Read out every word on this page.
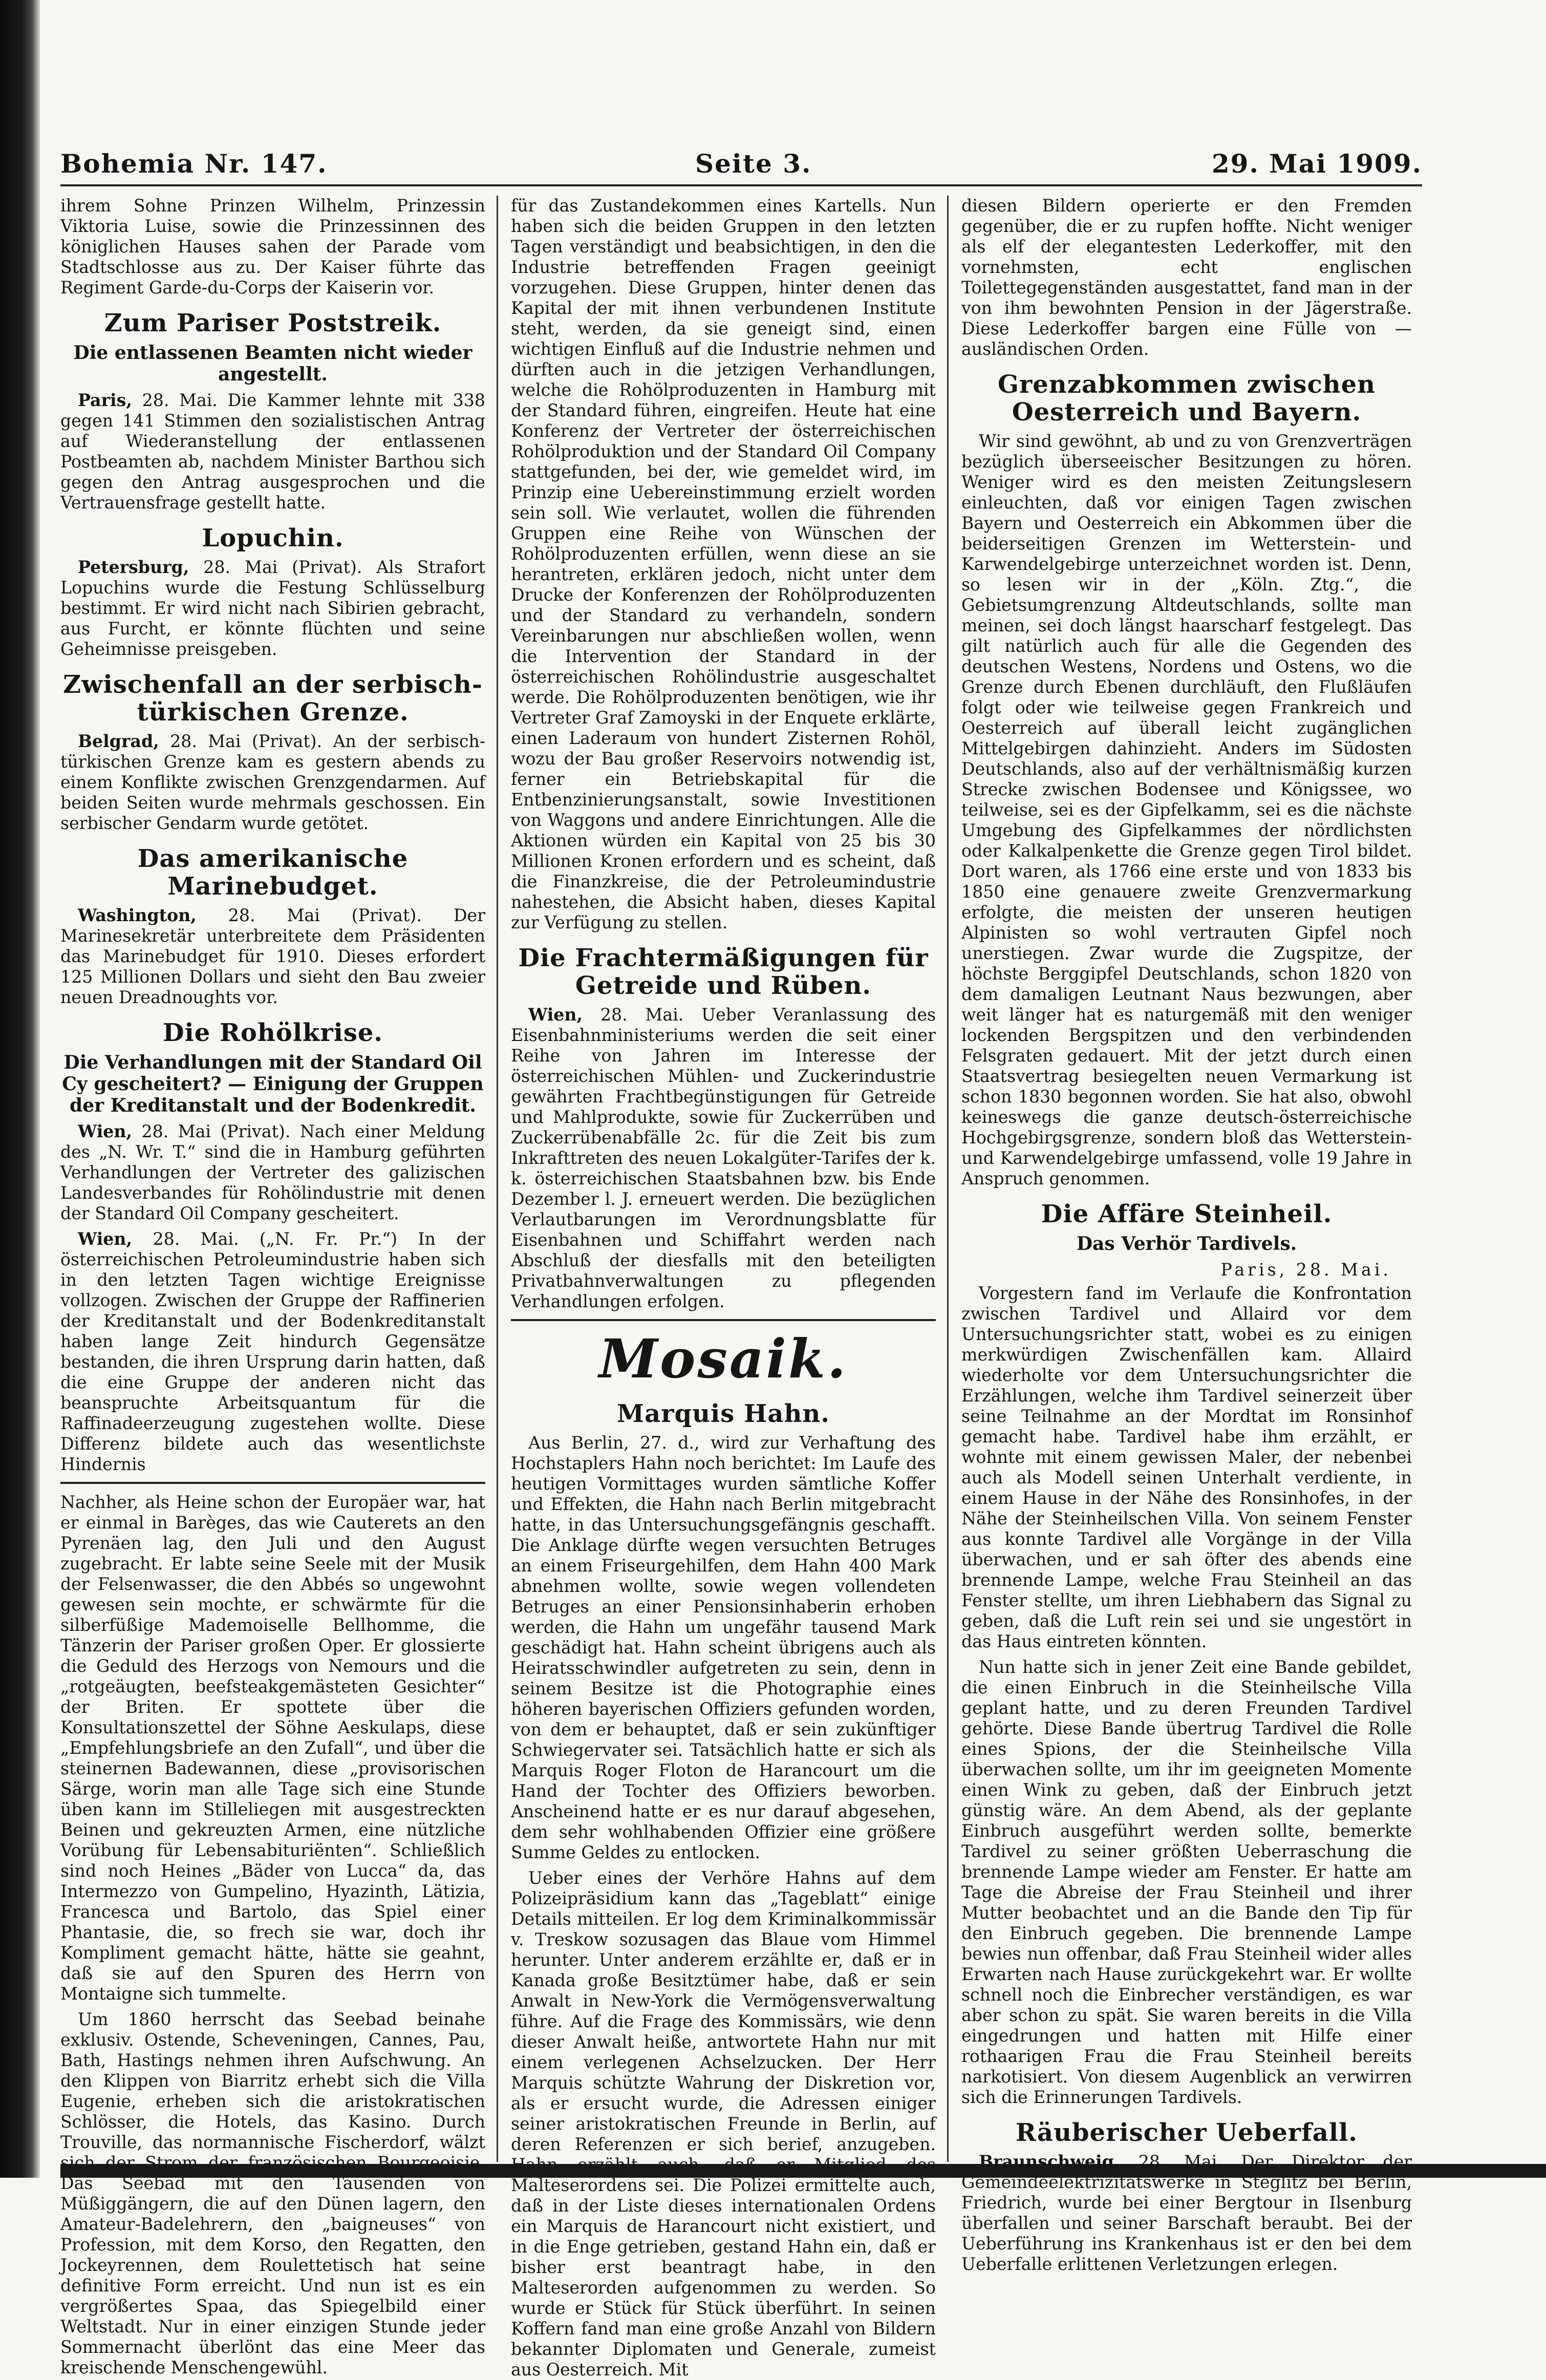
Bohemia Nr. 147.	Seite 3.	29. Mai 1909.

ihrem Sohne Prinzen Wilhelm, Prinzessin Viktoria Luise, sowie die Prinzessinnen des königlichen Hauses sahen der Parade vom Stadtschlosse aus zu. Der Kaiser führte das Regiment Garde-du-Corps der Kaiserin vor.

Zum Pariser Poststreik.
Die entlassenen Beamten nicht wieder angestellt.

Paris, 28. Mai. Die Kammer lehnte mit 338 gegen 141 Stimmen den sozialistischen Antrag auf Wiederanstellung der entlassenen Postbeamten ab, nachdem Minister Barthou sich gegen den Antrag ausgesprochen und die Vertrauensfrage gestellt hatte.

Lopuchin.

Petersburg, 28. Mai (Privat). Als Strafort Lopuchins wurde die Festung Schlüsselburg bestimmt. Er wird nicht nach Sibirien gebracht, aus Furcht, er könnte flüchten und seine Geheimnisse preisgeben.

Zwischenfall an der serbisch-türkischen Grenze.

Belgrad, 28. Mai (Privat). An der serbisch-türkischen Grenze kam es gestern abends zu einem Konflikte zwischen Grenzgendarmen. Auf beiden Seiten wurde mehrmals geschossen. Ein serbischer Gendarm wurde getötet.

Das amerikanische Marinebudget.

Washington, 28. Mai (Privat). Der Marinesekretär unterbreitete dem Präsidenten das Marinebudget für 1910. Dieses erfordert 125 Millionen Dollars und sieht den Bau zweier neuen Dreadnoughts vor.

Die Rohölkrise.
Die Verhandlungen mit der Standard Oil Cy gescheitert? — Einigung der Gruppen der Kreditanstalt und der Bodenkredit.

Wien, 28. Mai (Privat). Nach einer Meldung des „N. Wr. T.“ sind die in Hamburg geführten Verhandlungen der Vertreter des galizischen Landesverbandes für Rohölindustrie mit denen der Standard Oil Company gescheitert.

Wien, 28. Mai. („N. Fr. Pr.“) In der österreichischen Petroleumindustrie haben sich in den letzten Tagen wichtige Ereignisse vollzogen. Zwischen der Gruppe der Raffinerien der Kreditanstalt und der Bodenkreditanstalt haben lange Zeit hindurch Gegensätze bestanden, die ihren Ursprung darin hatten, daß die eine Gruppe der anderen nicht das beanspruchte Arbeitsquantum für die Raffinadeerzeugung zugestehen wollte. Diese Differenz bildete auch das wesentlichste Hindernis

Nachher, als Heine schon der Europäer war, hat er einmal in Barèges, das wie Cauterets an den Pyrenäen lag, den Juli und den August zugebracht. Er labte seine Seele mit der Musik der Felsenwasser, die den Abbés so ungewohnt gewesen sein mochte, er schwärmte für die silberfüßige Mademoiselle Bellhomme, die Tänzerin der Pariser großen Oper. Er glossierte die Geduld des Herzogs von Nemours und die „rotgeäugten, beefsteakgemästeten Gesichter“ der Briten. Er spottete über die Konsultationszettel der Söhne Aeskulaps, diese „Empfehlungsbriefe an den Zufall“, und über die steinernen Badewannen, diese „provisorischen Särge, worin man alle Tage sich eine Stunde üben kann im Stilleliegen mit ausgestreckten Beinen und gekreuzten Armen, eine nützliche Vorübung für Lebensabituriënten“. Schließlich sind noch Heines „Bäder von Lucca“ da, das Intermezzo von Gumpelino, Hyazinth, Lätizia, Francesca und Bartolo, das Spiel einer Phantasie, die, so frech sie war, doch ihr Kompliment gemacht hätte, hätte sie geahnt, daß sie auf den Spuren des Herrn von Montaigne sich tummelte.

Um 1860 herrscht das Seebad beinahe exklusiv. Ostende, Scheveningen, Cannes, Pau, Bath, Hastings nehmen ihren Aufschwung. An den Klippen von Biarritz erhebt sich die Villa Eugenie, erheben sich die aristokratischen Schlösser, die Hotels, das Kasino. Durch Trouville, das normannische Fischerdorf, wälzt sich der Strom der französischen Bourgeoisie. Das Seebad mit den Tausenden von Müßiggängern, die auf den Dünen lagern, den Amateur-Badelehrern, den „baigneuses“ von Profession, mit dem Korso, den Regatten, den Jockeyrennen, dem Roulettetisch hat seine definitive Form erreicht. Und nun ist es ein vergrößertes Spaa, das Spiegelbild einer Weltstadt. Nur in einer einzigen Stunde jeder Sommernacht überlönt das eine Meer das kreischende Menschengewühl.

für das Zustandekommen eines Kartells. Nun haben sich die beiden Gruppen in den letzten Tagen verständigt und beabsichtigen, in den die Industrie betreffenden Fragen geeinigt vorzugehen. Diese Gruppen, hinter denen das Kapital der mit ihnen verbundenen Institute steht, werden, da sie geneigt sind, einen wichtigen Einfluß auf die Industrie nehmen und dürften auch in die jetzigen Verhandlungen, welche die Rohölproduzenten in Hamburg mit der Standard führen, eingreifen. Heute hat eine Konferenz der Vertreter der österreichischen Rohölproduktion und der Standard Oil Company stattgefunden, bei der, wie gemeldet wird, im Prinzip eine Uebereinstimmung erzielt worden sein soll. Wie verlautet, wollen die führenden Gruppen eine Reihe von Wünschen der Rohölproduzenten erfüllen, wenn diese an sie herantreten, erklären jedoch, nicht unter dem Drucke der Konferenzen der Rohölproduzenten und der Standard zu verhandeln, sondern Vereinbarungen nur abschließen wollen, wenn die Intervention der Standard in der österreichischen Rohölindustrie ausgeschaltet werde. Die Rohölproduzenten benötigen, wie ihr Vertreter Graf Zamoyski in der Enquete erklärte, einen Laderaum von hundert Zisternen Rohöl, wozu der Bau großer Reservoirs notwendig ist, ferner ein Betriebskapital für die Entbenzinierungsanstalt, sowie Investitionen von Waggons und andere Einrichtungen. Alle die Aktionen würden ein Kapital von 25 bis 30 Millionen Kronen erfordern und es scheint, daß die Finanzkreise, die der Petroleumindustrie nahestehen, die Absicht haben, dieses Kapital zur Verfügung zu stellen.

Die Frachtermäßigungen für Getreide und Rüben.

Wien, 28. Mai. Ueber Veranlassung des Eisenbahnministeriums werden die seit einer Reihe von Jahren im Interesse der österreichischen Mühlen- und Zuckerindustrie gewährten Frachtbegünstigungen für Getreide und Mahlprodukte, sowie für Zuckerrüben und Zuckerrübenabfälle 2c. für die Zeit bis zum Inkrafttreten des neuen Lokalgüter-Tarifes der k. k. österreichischen Staatsbahnen bzw. bis Ende Dezember l. J. erneuert werden. Die bezüglichen Verlautbarungen im Verordnungsblatte für Eisenbahnen und Schiffahrt werden nach Abschluß der diesfalls mit den beteiligten Privatbahnverwaltungen zu pflegenden Verhandlungen erfolgen.

Mosaik.
Marquis Hahn.

Aus Berlin, 27. d., wird zur Verhaftung des Hochstaplers Hahn noch berichtet: Im Laufe des heutigen Vormittages wurden sämtliche Koffer und Effekten, die Hahn nach Berlin mitgebracht hatte, in das Untersuchungsgefängnis geschafft. Die Anklage dürfte wegen versuchten Betruges an einem Friseurgehilfen, dem Hahn 400 Mark abnehmen wollte, sowie wegen vollendeten Betruges an einer Pensionsinhaberin erhoben werden, die Hahn um ungefähr tausend Mark geschädigt hat. Hahn scheint übrigens auch als Heiratsschwindler aufgetreten zu sein, denn in seinem Besitze ist die Photographie eines höheren bayerischen Offiziers gefunden worden, von dem er behauptet, daß er sein zukünftiger Schwiegervater sei. Tatsächlich hatte er sich als Marquis Roger Floton de Harancourt um die Hand der Tochter des Offiziers beworben. Anscheinend hatte er es nur darauf abgesehen, dem sehr wohlhabenden Offizier eine größere Summe Geldes zu entlocken.

Ueber eines der Verhöre Hahns auf dem Polizeipräsidium kann das „Tageblatt“ einige Details mitteilen. Er log dem Kriminalkommissär v. Treskow sozusagen das Blaue vom Himmel herunter. Unter anderem erzählte er, daß er in Kanada große Besitztümer habe, daß er sein Anwalt in New-York die Vermögensverwaltung führe. Auf die Frage des Kommissärs, wie denn dieser Anwalt heiße, antwortete Hahn nur mit einem verlegenen Achselzucken. Der Herr Marquis schützte Wahrung der Diskretion vor, als er ersucht wurde, die Adressen einiger seiner aristokratischen Freunde in Berlin, auf deren Referenzen er sich berief, anzugeben. Hahn erzählt auch, daß er Mitglied des Malteserordens sei. Die Polizei ermittelte auch, daß in der Liste dieses internationalen Ordens ein Marquis de Harancourt nicht existiert, und in die Enge getrieben, gestand Hahn ein, daß er bisher erst beantragt habe, in den Malteserorden aufgenommen zu werden. So wurde er Stück für Stück überführt. In seinen Koffern fand man eine große Anzahl von Bildern bekannter Diplomaten und Generale, zumeist aus Oesterreich. Mit

diesen Bildern operierte er den Fremden gegenüber, die er zu rupfen hoffte. Nicht weniger als elf der elegantesten Lederkoffer, mit den vornehmsten, echt englischen Toilettegegenständen ausgestattet, fand man in der von ihm bewohnten Pension in der Jägerstraße. Diese Lederkoffer bargen eine Fülle von — ausländischen Orden.

Grenzabkommen zwischen Oesterreich und Bayern.

Wir sind gewöhnt, ab und zu von Grenzverträgen bezüglich überseeischer Besitzungen zu hören. Weniger wird es den meisten Zeitungslesern einleuchten, daß vor einigen Tagen zwischen Bayern und Oesterreich ein Abkommen über die beiderseitigen Grenzen im Wetterstein- und Karwendelgebirge unterzeichnet worden ist. Denn, so lesen wir in der „Köln. Ztg.“, die Gebietsumgrenzung Altdeutschlands, sollte man meinen, sei doch längst haarscharf festgelegt. Das gilt natürlich auch für alle die Gegenden des deutschen Westens, Nordens und Ostens, wo die Grenze durch Ebenen durchläuft, den Flußläufen folgt oder wie teilweise gegen Frankreich und Oesterreich auf überall leicht zugänglichen Mittelgebirgen dahinzieht. Anders im Südosten Deutschlands, also auf der verhältnismäßig kurzen Strecke zwischen Bodensee und Königssee, wo teilweise, sei es der Gipfelkamm, sei es die nächste Umgebung des Gipfelkammes der nördlichsten oder Kalkalpenkette die Grenze gegen Tirol bildet. Dort waren, als 1766 eine erste und von 1833 bis 1850 eine genauere zweite Grenzvermarkung erfolgte, die meisten der unseren heutigen Alpinisten so wohl vertrauten Gipfel noch unerstiegen. Zwar wurde die Zugspitze, der höchste Berggipfel Deutschlands, schon 1820 von dem damaligen Leutnant Naus bezwungen, aber weit länger hat es naturgemäß mit den weniger lockenden Bergspitzen und den verbindenden Felsgraten gedauert. Mit der jetzt durch einen Staatsvertrag besiegelten neuen Vermarkung ist schon 1830 begonnen worden. Sie hat also, obwohl keineswegs die ganze deutsch-österreichische Hochgebirgsgrenze, sondern bloß das Wetterstein- und Karwendelgebirge umfassend, volle 19 Jahre in Anspruch genommen.

Die Affäre Steinheil.
Das Verhör Tardivels.
Paris, 28. Mai.

Vorgestern fand im Verlaufe die Konfrontation zwischen Tardivel und Allaird vor dem Untersuchungsrichter statt, wobei es zu einigen merkwürdigen Zwischenfällen kam. Allaird wiederholte vor dem Untersuchungsrichter die Erzählungen, welche ihm Tardivel seinerzeit über seine Teilnahme an der Mordtat im Ronsinhof gemacht habe. Tardivel habe ihm erzählt, er wohnte mit einem gewissen Maler, der nebenbei auch als Modell seinen Unterhalt verdiente, in einem Hause in der Nähe des Ronsinhofes, in der Nähe der Steinheilschen Villa. Von seinem Fenster aus konnte Tardivel alle Vorgänge in der Villa überwachen, und er sah öfter des abends eine brennende Lampe, welche Frau Steinheil an das Fenster stellte, um ihren Liebhabern das Signal zu geben, daß die Luft rein sei und sie ungestört in das Haus eintreten könnten.

Nun hatte sich in jener Zeit eine Bande gebildet, die einen Einbruch in die Steinheilsche Villa geplant hatte, und zu deren Freunden Tardivel gehörte. Diese Bande übertrug Tardivel die Rolle eines Spions, der die Steinheilsche Villa überwachen sollte, um ihr im geeigneten Momente einen Wink zu geben, daß der Einbruch jetzt günstig wäre. An dem Abend, als der geplante Einbruch ausgeführt werden sollte, bemerkte Tardivel zu seiner größten Ueberraschung die brennende Lampe wieder am Fenster. Er hatte am Tage die Abreise der Frau Steinheil und ihrer Mutter beobachtet und an die Bande den Tip für den Einbruch gegeben. Die brennende Lampe bewies nun offenbar, daß Frau Steinheil wider alles Erwarten nach Hause zurückgekehrt war. Er wollte schnell noch die Einbrecher verständigen, es war aber schon zu spät. Sie waren bereits in die Villa eingedrungen und hatten mit Hilfe einer rothaarigen Frau die Frau Steinheil bereits narkotisiert. Von diesem Augenblick an verwirren sich die Erinnerungen Tardivels.

Räuberischer Ueberfall.

Braunschweig, 28. Mai. Der Direktor der Gemeindeelektrizitätswerke in Steglitz bei Berlin, Friedrich, wurde bei einer Bergtour in Ilsenburg überfallen und seiner Barschaft beraubt. Bei der Ueberführung ins Krankenhaus ist er den bei dem Ueberfalle erlittenen Verletzungen erlegen.
